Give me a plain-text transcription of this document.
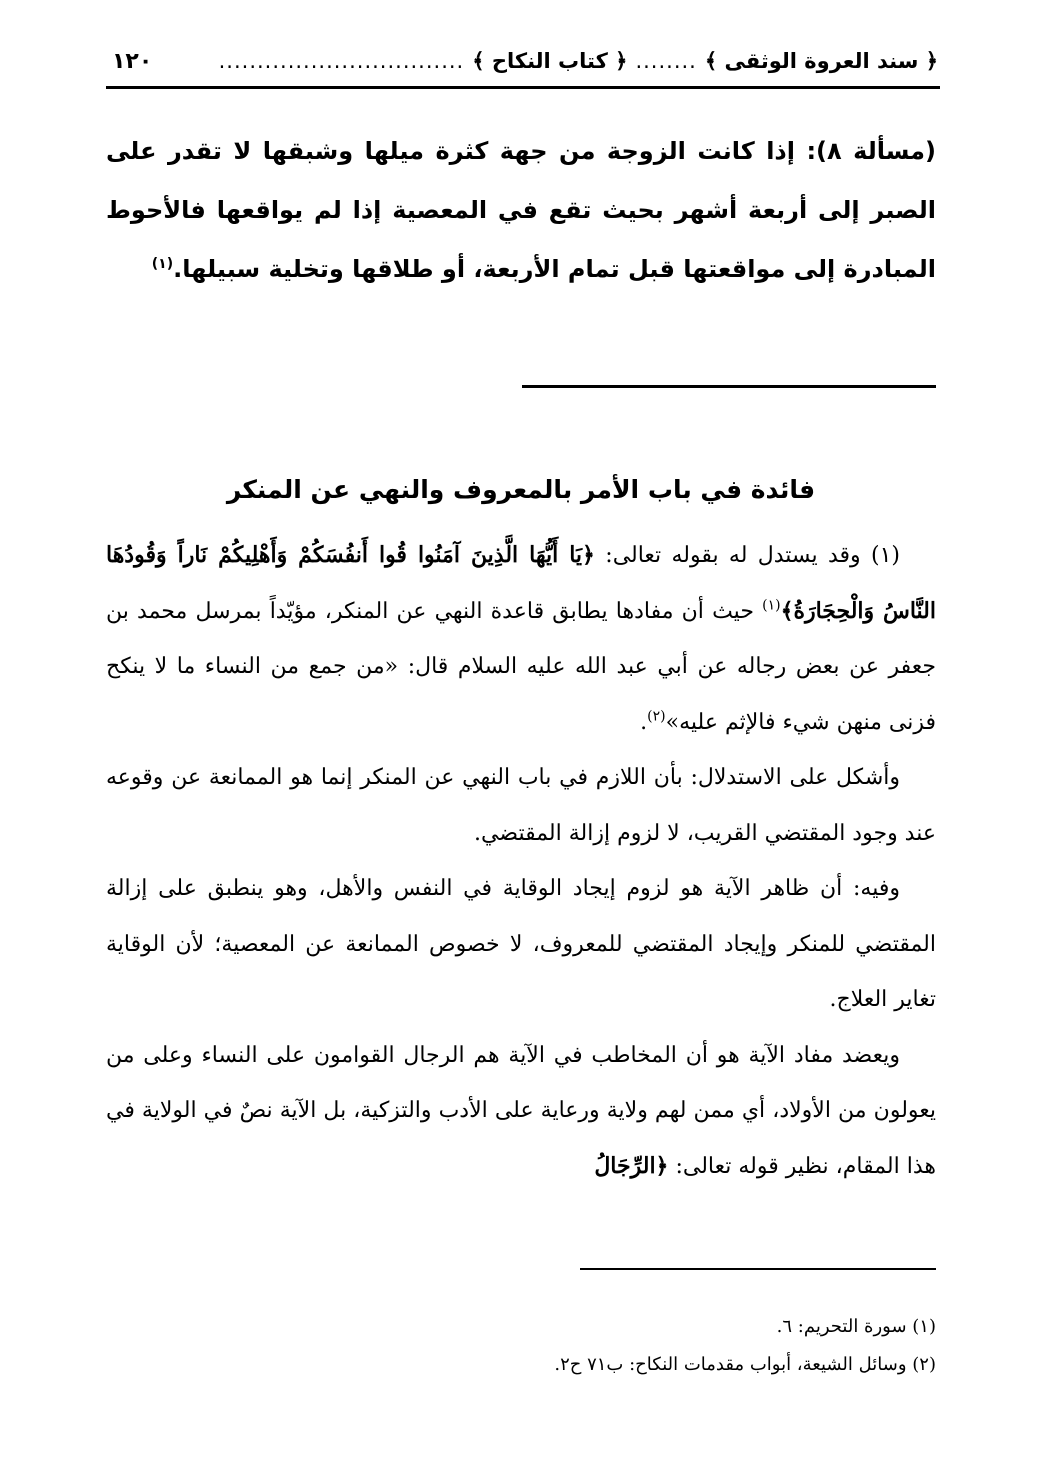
﴿ سند العروة الوثقى ﴾
........
﴿ كتاب النكاح ﴾
................................
١٢٠
(مسألة ٨): إذا كانت الزوجة من جهة كثرة ميلها وشبقها لا تقدر على الصبر إلى أربعة أشهر بحيث تقع في المعصية إذا لم يواقعها فالأحوط المبادرة إلى مواقعتها قبل تمام الأربعة، أو طلاقها وتخلية سبيلها.$^{(١)}$
فائدة في باب الأمر بالمعروف والنهي عن المنكر

(١) وقد يستدل له بقوله تعالى: ﴿يَا أَيُّهَا الَّذِينَ آمَنُوا قُوا أَنفُسَكُمْ وَأَهْلِيكُمْ نَاراً وَقُودُهَا النَّاسُ وَالْحِجَارَةُ﴾$^{(١)}$ حيث أن مفادها يطابق قاعدة النهي عن المنكر، مؤيّداً بمرسل محمد بن جعفر عن بعض رجاله عن أبي عبد الله عليه السلام قال: «من جمع من النساء ما لا ينكح فزنى منهن شيء فالإثم عليه»$^{(٢)}$.

وأشكل على الاستدلال: بأن اللازم في باب النهي عن المنكر إنما هو الممانعة عن وقوعه عند وجود المقتضي القريب، لا لزوم إزالة المقتضي.

وفيه: أن ظاهر الآية هو لزوم إيجاد الوقاية في النفس والأهل، وهو ينطبق على إزالة المقتضي للمنكر وإيجاد المقتضي للمعروف، لا خصوص الممانعة عن المعصية؛ لأن الوقاية تغاير العلاج.

ويعضد مفاد الآية هو أن المخاطب في الآية هم الرجال القوامون على النساء وعلى من يعولون من الأولاد، أي ممن لهم ولاية ورعاية على الأدب والتزكية، بل الآية نصٌ في الولاية في هذا المقام، نظير قوله تعالى: ﴿الرِّجَالُ

(١) سورة التحريم: ٦.
(٢) وسائل الشيعة، أبواب مقدمات النكاح: ب٧١ ح٢.
